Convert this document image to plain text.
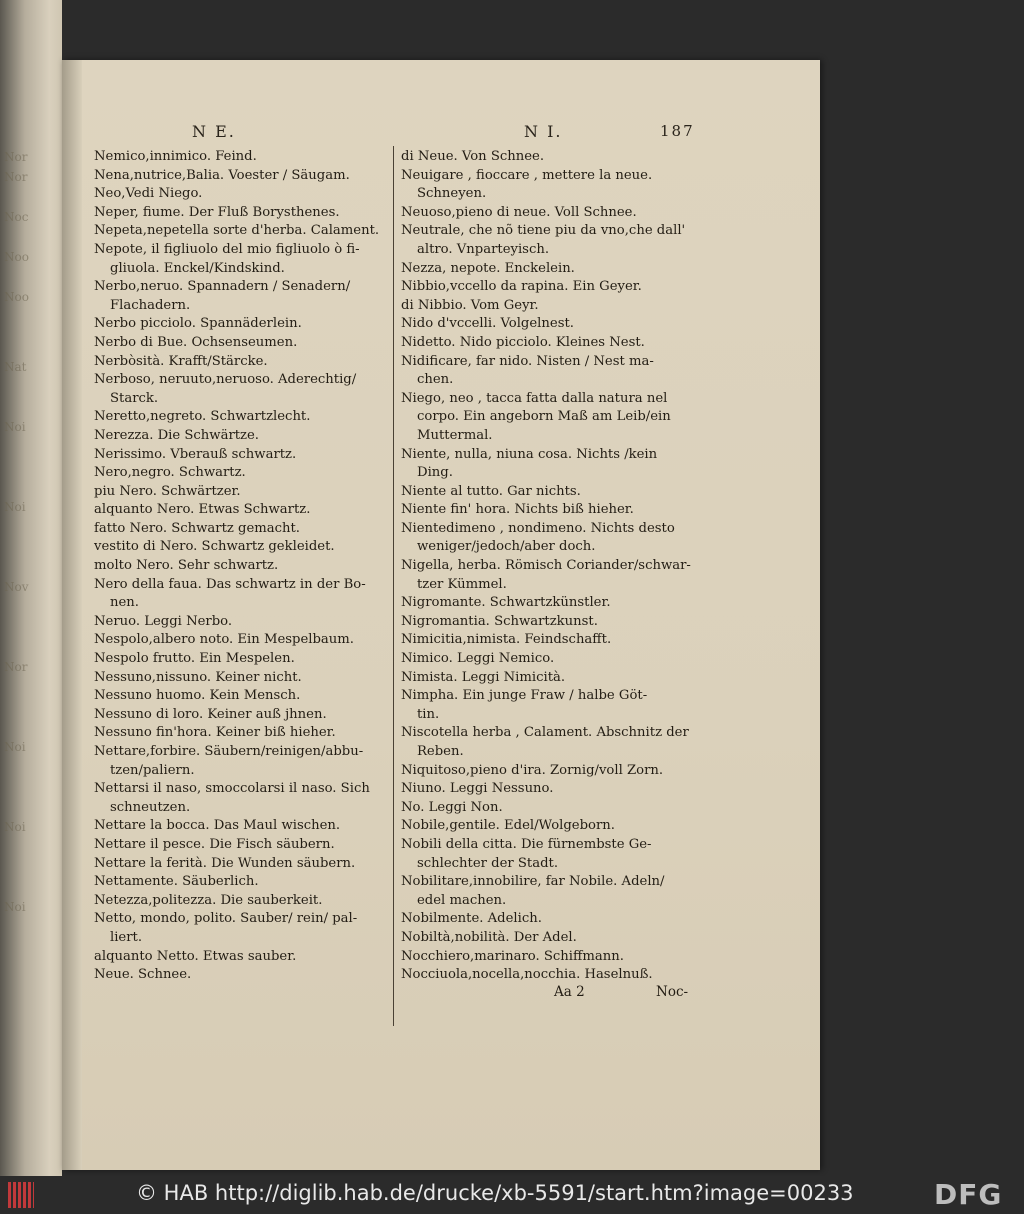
Nor
Nor
Noc
Noo
Noo
Nat
Noi
Noi
Nov
Nor
Noi
Noi
Noi
N E.	N I.	187
Nemico,innimico. Feind.
Nena,nutrice,Balia. Voester / Säugam.
Neo,Vedi Niego.
Neper, fiume. Der Fluß Borysthenes.
Nepeta,nepetella sorte d'herba. Calament.
Nepote, il figliuolo del mio figliuolo ò fi-
gliuola. Enckel/Kindskind.
Nerbo,neruo. Spannadern / Senadern/
Flachadern.
Nerbo picciolo. Spannäderlein.
Nerbo di Bue. Ochsenseumen.
Nerbòsità. Krafft/Stärcke.
Nerboso, neruuto,neruoso. Aderechtig/
Starck.
Neretto,negreto. Schwartzlecht.
Nerezza. Die Schwärtze.
Nerissimo. Vberauß schwartz.
Nero,negro. Schwartz.
piu Nero. Schwärtzer.
alquanto Nero. Etwas Schwartz.
fatto Nero. Schwartz gemacht.
vestito di Nero. Schwartz gekleidet.
molto Nero. Sehr schwartz.
Nero della faua. Das schwartz in der Bo-
nen.
Neruo. Leggi Nerbo.
Nespolo,albero noto. Ein Mespelbaum.
Nespolo frutto. Ein Mespelen.
Nessuno,nissuno. Keiner nicht.
Nessuno huomo. Kein Mensch.
Nessuno di loro. Keiner auß jhnen.
Nessuno fin'hora. Keiner biß hieher.
Nettare,forbire. Säubern/reinigen/abbu-
tzen/paliern.
Nettarsi il naso, smoccolarsi il naso. Sich
schneutzen.
Nettare la bocca. Das Maul wischen.
Nettare il pesce. Die Fisch säubern.
Nettare la ferità. Die Wunden säubern.
Nettamente. Säuberlich.
Netezza,politezza. Die sauberkeit.
Netto, mondo, polito. Sauber/ rein/ pal-
liert.
alquanto Netto. Etwas sauber.
Neue. Schnee.
di Neue. Von Schnee.
Neuigare , fioccare , mettere la neue.
Schneyen.
Neuoso,pieno di neue. Voll Schnee.
Neutrale, che nõ tiene piu da vno,che dall'
altro. Vnparteyisch.
Nezza, nepote. Enckelein.
Nibbio,vccello da rapina. Ein Geyer.
di Nibbio. Vom Geyr.
Nido d'vccelli. Volgelnest.
Nidetto. Nido picciolo. Kleines Nest.
Nidificare, far nido. Nisten / Nest ma-
chen.
Niego, neo , tacca fatta dalla natura nel
corpo. Ein angeborn Maß am Leib/ein
Muttermal.
Niente, nulla, niuna cosa. Nichts /kein
Ding.
Niente al tutto. Gar nichts.
Niente fin' hora. Nichts biß hieher.
Nientedimeno , nondimeno. Nichts desto
weniger/jedoch/aber doch.
Nigella, herba. Römisch Coriander/schwar-
tzer Kümmel.
Nigromante. Schwartzkünstler.
Nigromantia. Schwartzkunst.
Nimicitia,nimista. Feindschafft.
Nimico. Leggi Nemico.
Nimista. Leggi Nimicità.
Nimpha. Ein junge Fraw / halbe Göt-
tin.
Niscotella herba , Calament. Abschnitz der
Reben.
Niquitoso,pieno d'ira. Zornig/voll Zorn.
Niuno. Leggi Nessuno.
No. Leggi Non.
Nobile,gentile. Edel/Wolgeborn.
Nobili della citta. Die fürnembste Ge-
schlechter der Stadt.
Nobilitare,innobilire, far Nobile. Adeln/
edel machen.
Nobilmente. Adelich.
Nobiltà,nobilità. Der Adel.
Nocchiero,marinaro. Schiffmann.
Nocciuola,nocella,nocchia. Haselnuß.
Aa 2	Noc-
© HAB http://diglib.hab.de/drucke/xb-5591/start.htm?image=00233	DFG
